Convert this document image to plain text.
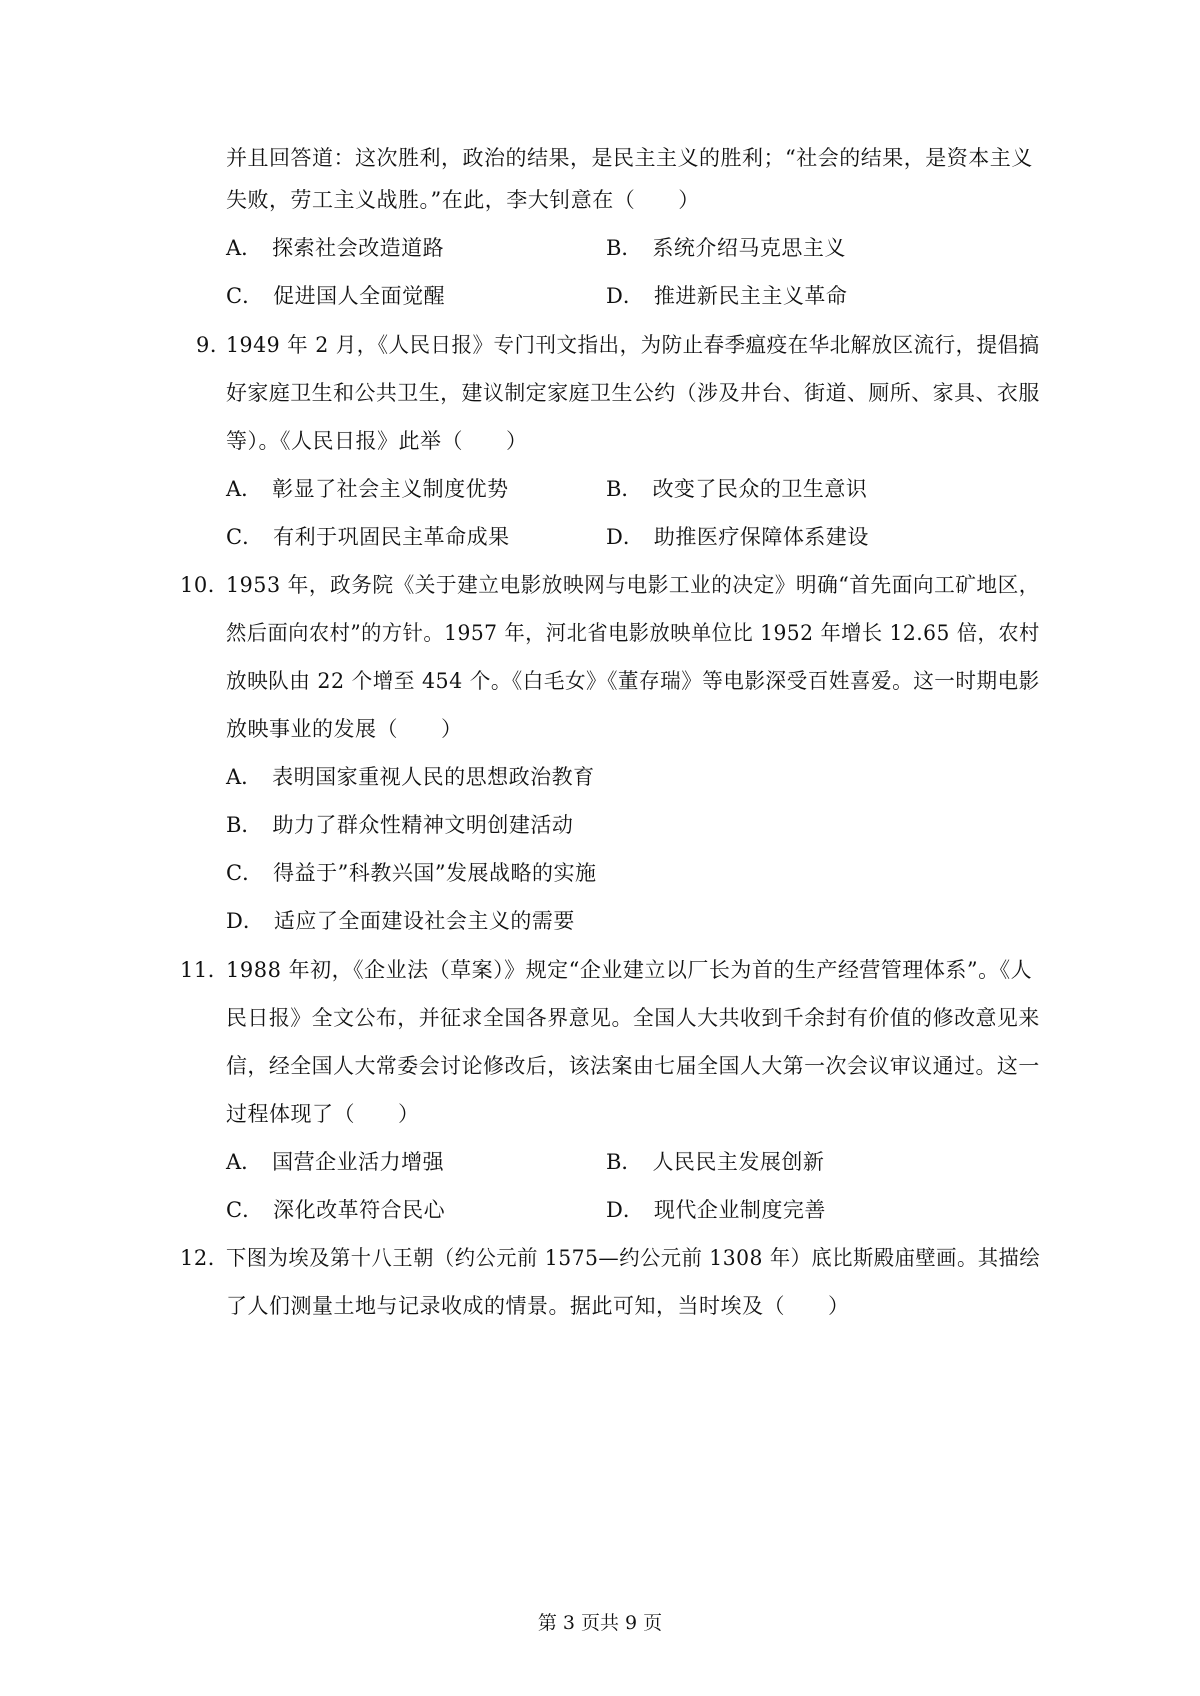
并且回答道：这次胜利，政治的结果，是民主主义的胜利；“社会的结果，是资本主义
失败，劳工主义战胜。”在此，李大钊意在（　　）
A． 探索社会改造道路	B． 系统介绍马克思主义
C． 促进国人全面觉醒	D． 推进新民主主义革命
9．
1949 年 2 月，《人民日报》专门刊文指出，为防止春季瘟疫在华北解放区流行，提倡搞
好家庭卫生和公共卫生，建议制定家庭卫生公约（涉及井台、街道、厕所、家具、衣服
等）。《人民日报》此举（　　）
A． 彰显了社会主义制度优势	B． 改变了民众的卫生意识
C． 有利于巩固民主革命成果	D． 助推医疗保障体系建设
10．
1953 年，政务院《关于建立电影放映网与电影工业的决定》明确“首先面向工矿地区，
然后面向农村”的方针。1957 年，河北省电影放映单位比 1952 年增长 12.65 倍，农村
放映队由 22 个增至 454 个。《白毛女》《董存瑞》等电影深受百姓喜爱。这一时期电影
放映事业的发展（　　）
A． 表明国家重视人民的思想政治教育
B． 助力了群众性精神文明创建活动
C． 得益于”科教兴国”发展战略的实施
D． 适应了全面建设社会主义的需要
11．
1988 年初，《企业法（草案）》规定“企业建立以厂长为首的生产经营管理体系”。《人
民日报》全文公布，并征求全国各界意见。全国人大共收到千余封有价值的修改意见来
信，经全国人大常委会讨论修改后，该法案由七届全国人大第一次会议审议通过。这一
过程体现了（　　）
A． 国营企业活力增强	B． 人民民主发展创新
C． 深化改革符合民心	D． 现代企业制度完善
12．
下图为埃及第十八王朝（约公元前 1575—约公元前 1308 年）底比斯殿庙壁画。其描绘
了人们测量土地与记录收成的情景。据此可知，当时埃及（　　）
第 3 页共 9 页
